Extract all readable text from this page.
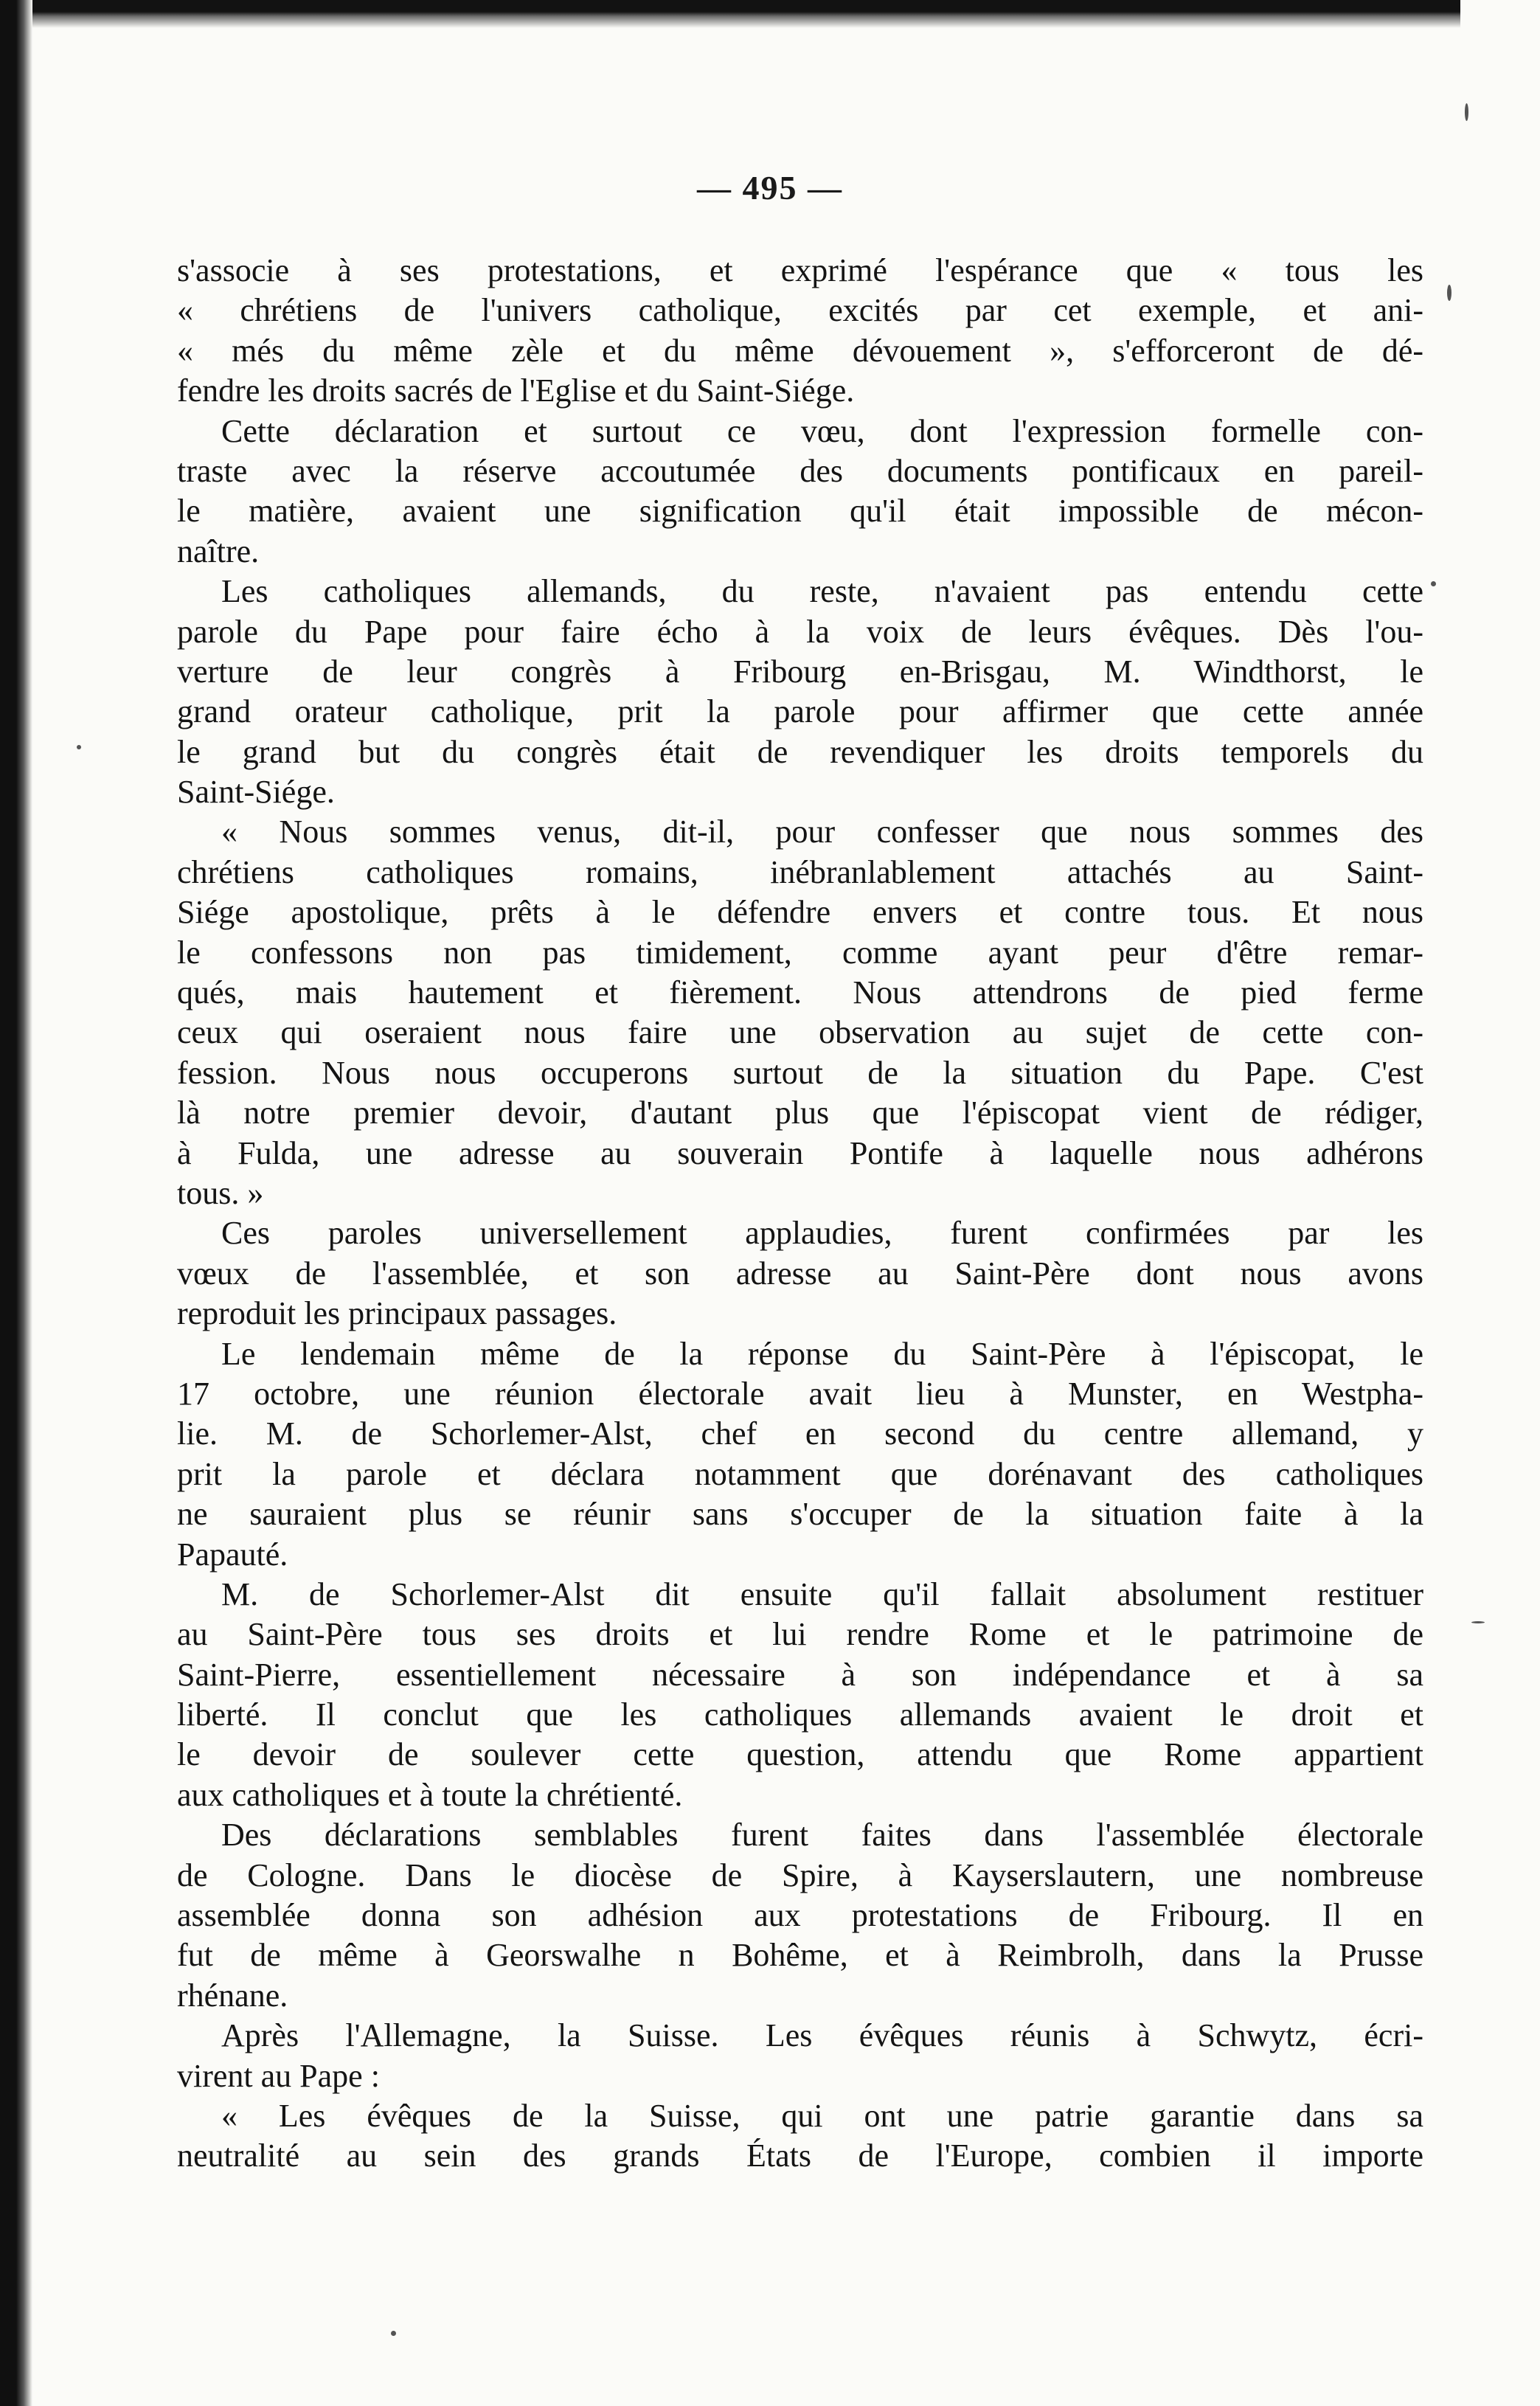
— 495 —
s'associe à ses protestations, et exprimé l'espérance que « tous les
« chrétiens de l'univers catholique, excités par cet exemple, et ani-
« més du même zèle et du même dévouement », s'efforceront de dé-
fendre les droits sacrés de l'Eglise et du Saint-Siége.
Cette déclaration et surtout ce vœu, dont l'expression formelle con-
traste avec la réserve accoutumée des documents pontificaux en pareil-
le matière, avaient une signification qu'il était impossible de mécon-
naître.
Les catholiques allemands, du reste, n'avaient pas entendu cette
parole du Pape pour faire écho à la voix de leurs évêques. Dès l'ou-
verture de leur congrès à Fribourg en-Brisgau, M. Windthorst, le
grand orateur catholique, prit la parole pour affirmer que cette année
le grand but du congrès était de revendiquer les droits temporels du
Saint-Siége.
« Nous sommes venus, dit-il, pour confesser que nous sommes des
chrétiens catholiques romains, inébranlablement attachés au Saint-
Siége apostolique, prêts à le défendre envers et contre tous. Et nous
le confessons non pas timidement, comme ayant peur d'être remar-
qués, mais hautement et fièrement. Nous attendrons de pied ferme
ceux qui oseraient nous faire une observation au sujet de cette con-
fession. Nous nous occuperons surtout de la situation du Pape. C'est
là notre premier devoir, d'autant plus que l'épiscopat vient de rédiger,
à Fulda, une adresse au souverain Pontife à laquelle nous adhérons
tous. »
Ces paroles universellement applaudies, furent confirmées par les
vœux de l'assemblée, et son adresse au Saint-Père dont nous avons
reproduit les principaux passages.
Le lendemain même de la réponse du Saint-Père à l'épiscopat, le
17 octobre, une réunion électorale avait lieu à Munster, en Westpha-
lie. M. de Schorlemer-Alst, chef en second du centre allemand, y
prit la parole et déclara notamment que dorénavant des catholiques
ne sauraient plus se réunir sans s'occuper de la situation faite à la
Papauté.
M. de Schorlemer-Alst dit ensuite qu'il fallait absolument restituer
au Saint-Père tous ses droits et lui rendre Rome et le patrimoine de
Saint-Pierre, essentiellement nécessaire à son indépendance et à sa
liberté. Il conclut que les catholiques allemands avaient le droit et
le devoir de soulever cette question, attendu que Rome appartient
aux catholiques et à toute la chrétienté.
Des déclarations semblables furent faites dans l'assemblée électorale
de Cologne. Dans le diocèse de Spire, à Kayserslautern, une nombreuse
assemblée donna son adhésion aux protestations de Fribourg. Il en
fut de même à Georswalhe n Bohême, et à Reimbrolh, dans la Prusse
rhénane.
Après l'Allemagne, la Suisse. Les évêques réunis à Schwytz, écri-
virent au Pape :
« Les évêques de la Suisse, qui ont une patrie garantie dans sa
neutralité au sein des grands États de l'Europe, combien il importe
